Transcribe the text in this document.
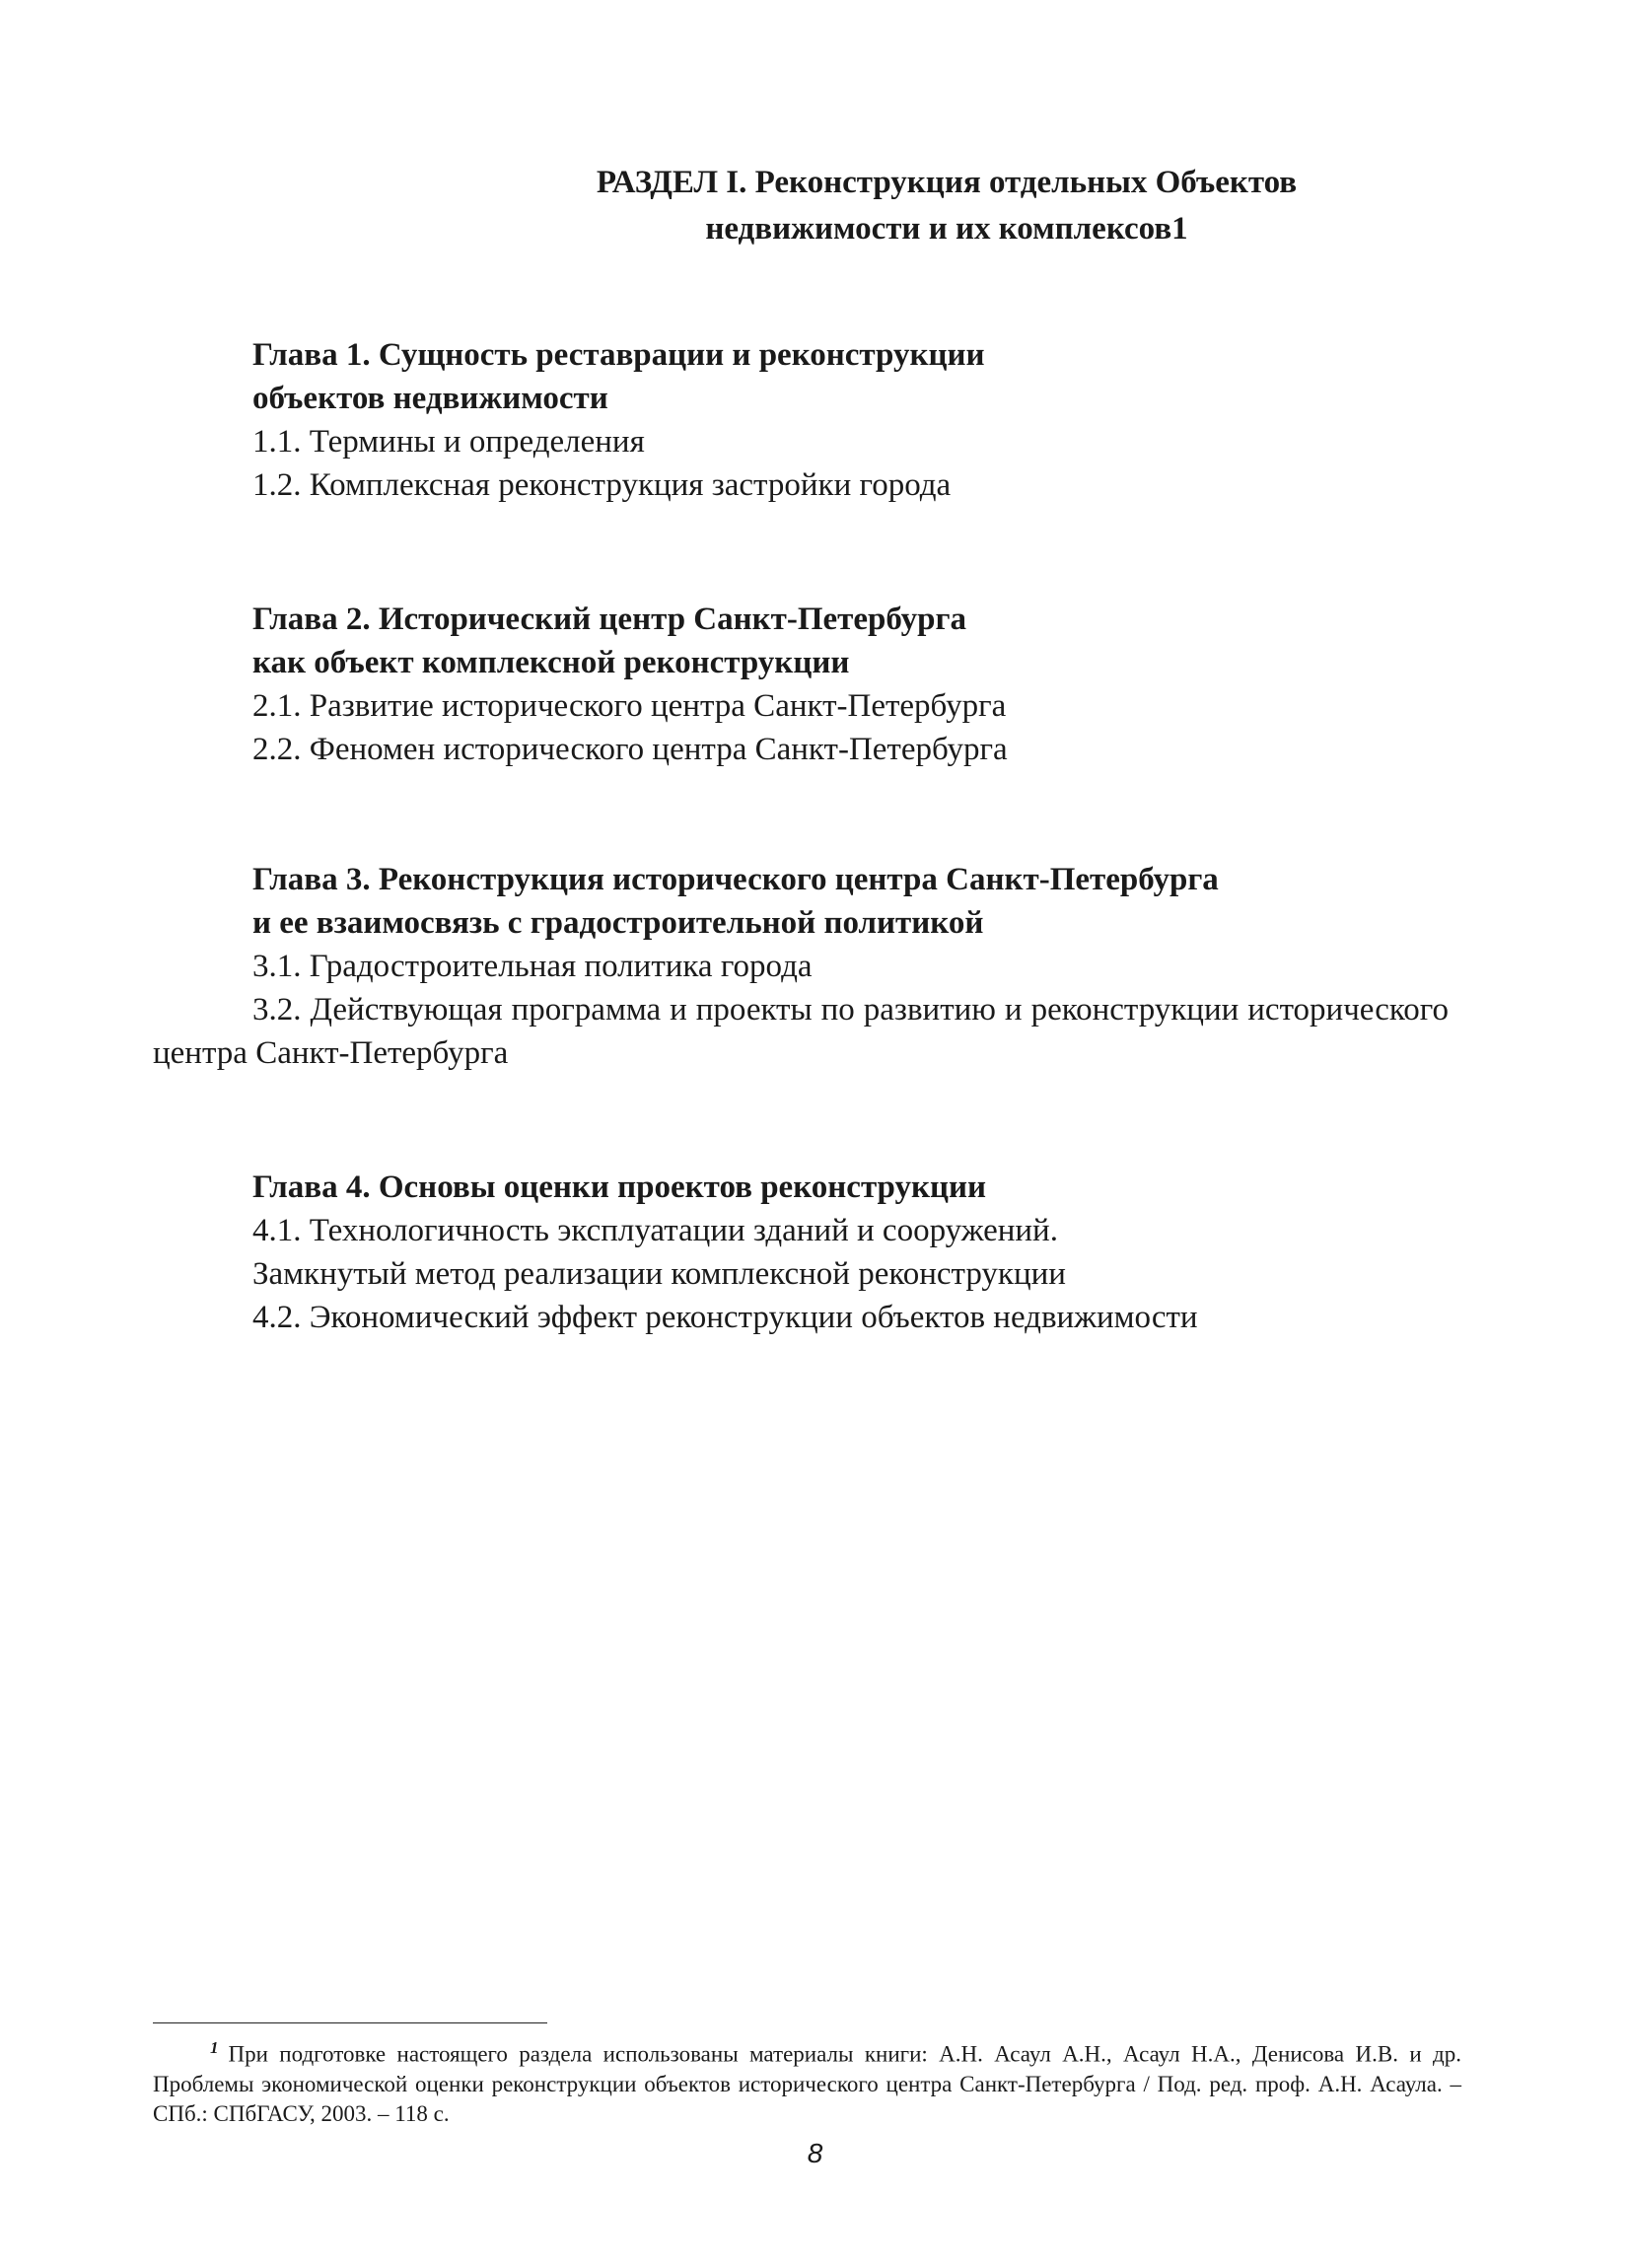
РАЗДЕЛ I. Реконструкция отдельных Объектов
недвижимости и их комплексов1
Глава 1. Сущность реставрации и реконструкции
объектов недвижимости
1.1. Термины и определения
1.2. Комплексная реконструкция застройки города
Глава 2. Исторический центр Санкт-Петербурга
как объект комплексной реконструкции
2.1. Развитие исторического центра Санкт-Петербурга
2.2. Феномен исторического центра Санкт-Петербурга
Глава 3. Реконструкция исторического центра Санкт-Петербурга
и ее взаимосвязь с градостроительной политикой
3.1. Градостроительная политика города
3.2. Действующая программа и проекты по развитию и реконструкции исторического центра Санкт-Петербурга
Глава 4. Основы оценки проектов реконструкции
4.1. Технологичность эксплуатации зданий и сооружений.
Замкнутый метод реализации комплексной реконструкции
4.2. Экономический эффект реконструкции объектов недвижимости
$^1$ При подготовке настоящего раздела использованы материалы книги: А.Н. Асаул А.Н., Асаул Н.А., Денисова И.В. и др. Проблемы экономической оценки реконструкции объектов исторического центра Санкт-Петербурга / Под. ред. проф. А.Н. Асаула. – СПб.: СПбГАСУ, 2003. – 118 с.
8
